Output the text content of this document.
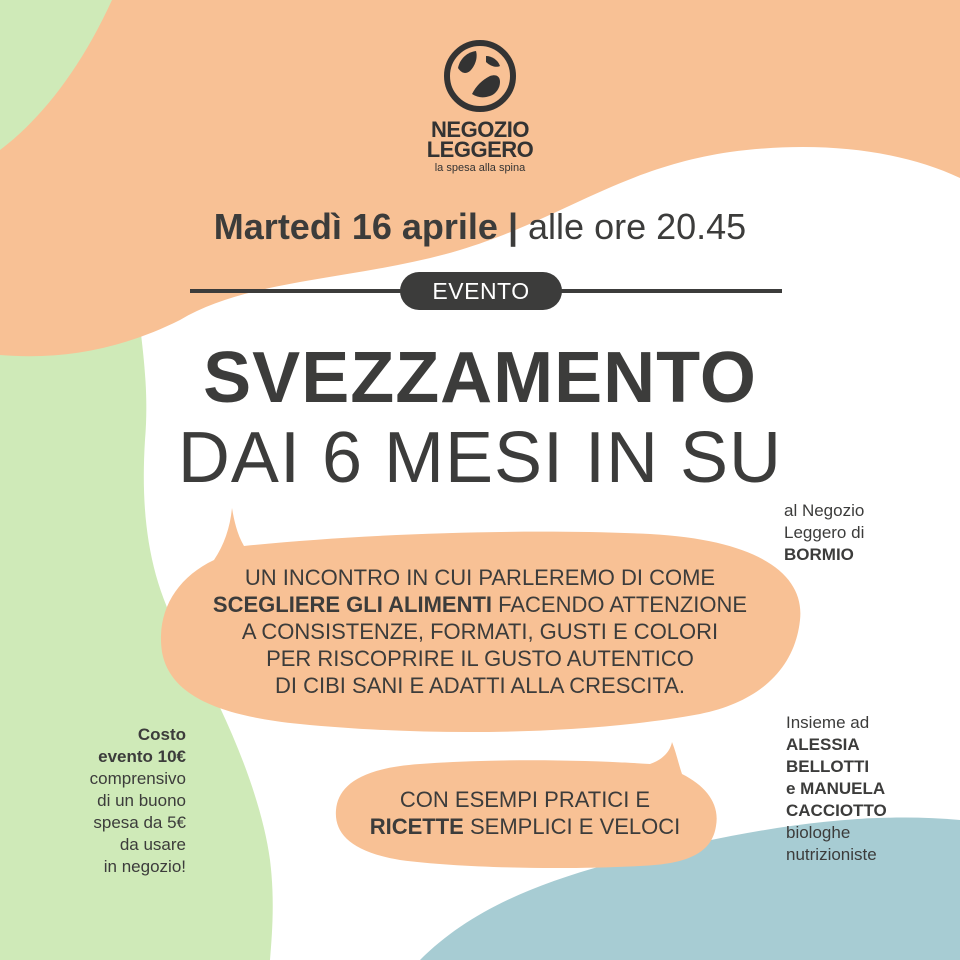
NEGOZIO
LEGGERO
la spesa alla spina
Martedì 16 aprile | alle ore 20.45
EVENTO
SVEZZAMENTO
DAI 6 MESI IN SU
al Negozio
Leggero di
BORMIO
UN INCONTRO IN CUI PARLEREMO DI COME
SCEGLIERE GLI ALIMENTI FACENDO ATTENZIONE
A CONSISTENZE, FORMATI, GUSTI E COLORI
PER RISCOPRIRE IL GUSTO AUTENTICO
DI CIBI SANI E ADATTI ALLA CRESCITA.
CON ESEMPI PRATICI E
RICETTE SEMPLICI E VELOCI
Costo
evento 10€
comprensivo
di un buono
spesa da 5€
da usare
in negozio!
Insieme ad
ALESSIA
BELLOTTI
e MANUELA
CACCIOTTO
biologhe
nutrizioniste
